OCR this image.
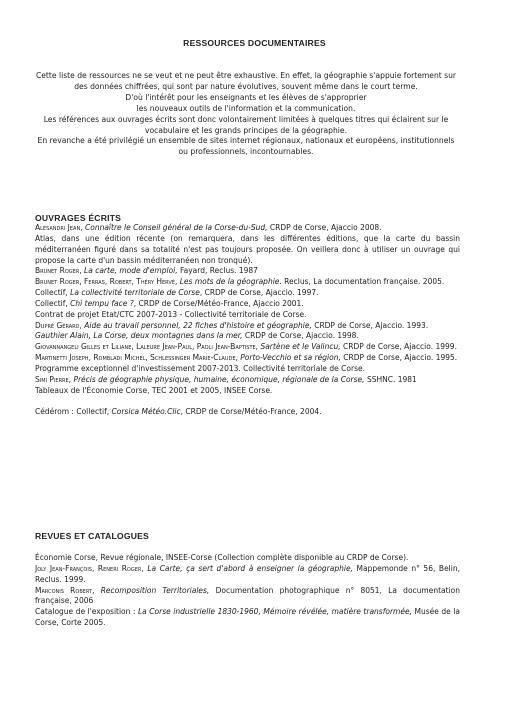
RESSOURCES DOCUMENTAIRES

Cette liste de ressources ne se veut et ne peut être exhaustive. En effet, la géographie s'appuie fortement sur des données chiffrées, qui sont par nature évolutives, souvent même dans le court terme.

D'où l'intérêt pour les enseignants et les élèves de s'approprier

les nouveaux outils de l'information et la communication.

Les références aux ouvrages écrits sont donc volontairement limitées à quelques titres qui éclairent sur le vocabulaire et les grands principes de la géographie.

En revanche a été privilégié un ensemble de sites internet régionaux, nationaux et européens, institutionnels ou professionnels, incontournables.

OUVRAGES ÉCRITS

Alesandri Jean, Connaître le Conseil général de la Corse-du-Sud, CRDP de Corse, Ajaccio 2008.

Atlas, dans une édition récente (on remarquera, dans les différentes éditions, que la carte du bassin méditerranéen figuré dans sa totalité n'est pas toujours proposée. On veillera donc à utiliser un ouvrage qui propose la carte d'un bassin méditerranéen non tronqué).

Brunet Roger, La carte, mode d'emploi, Fayard, Reclus. 1987

Brunet Roger, Ferras, Robert, Théry Hervé, Les mots de la géographie. Reclus, La documentation française. 2005.

Collectif, La collectivité territoriale de Corse, CRDP de Corse, Ajaccio. 1997.

Collectif, Chì tempu face ?, CRDP de Corse/Météo-France, Ajaccio 2001.

Contrat de projet Etat/CTC 2007-2013 - Collectivité territoriale de Corse.

Dupré Gérard, Aide au travail personnel, 22 fiches d'histoire et géographie, CRDP de Corse, Ajaccio. 1993.

Gauthier Alain, La Corse, deux montagnes dans la mer, CRDP de Corse, Ajaccio. 1998.

Giovannangeli Gilles et Liliane, Laleure Jean-Paul, Paoli Jean-Baptiste, Sartène et le Valincu, CRDP de Corse, Ajaccio. 1999.

Martinetti Joseph, Rombladi Michel, Schlessinger Marie-Claude, Porto-Vecchio et sa région, CRDP de Corse, Ajaccio. 1995.

Programme exceptionnel d'investissement 2007-2013. Collectivité territoriale de Corse.

Simi Pierre, Précis de géographie physique, humaine, économique, régionale de la Corse, SSHNC. 1981

Tableaux de l'Économie Corse, TEC 2001 et 2005, INSEE Corse.

Cédérom : Collectif, Corsica Météo.Clic, CRDP de Corse/Météo-France, 2004.

REVUES ET CATALOGUES

Économie Corse, Revue régionale, INSEE-Corse (Collection complète disponible au CRDP de Corse).

Joly Jean-François, Reneri Roger, La Carte, ça sert d'abord à enseigner la géographie, Mappemonde n° 56, Belin, Reclus. 1999.

Marconis Robert, Recomposition Territoriales, Documentation photographique n° 8051, La documentation française, 2006

Catalogue de l'exposition : La Corse industrielle 1830-1960, Mémoire révélée, matière transformée, Musée de la Corse, Corte 2005.
